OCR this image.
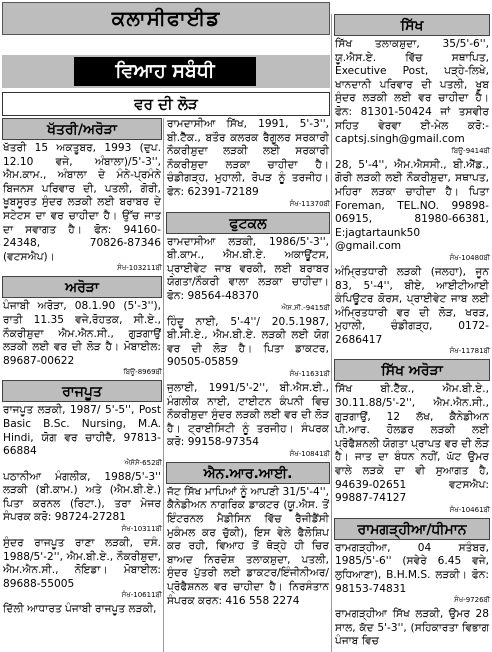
ਕਲਾਸੀਫਾਈਡ
ਵਿਆਹ ਸਬੰਧੀ
ਵਰ ਦੀ ਲੋੜ
ਖੱਤਰੀ/ਅਰੋੜਾ

ਖੱਤਰੀ 15 ਅਕਤੂਬਰ, 1993 (ਦੁਪ. 12.10 ਵਜੇ, ਅੰਬਾਲਾ)/5'-3'', ਐਮ.ਕਾਮ., ਅੰਬਾਲਾ ਦੇ ਮੰਨੇ-ਪ੍ਰਮੰਨੇ ਬਿਜਨਸ ਪਰਿਵਾਰ ਦੀ, ਪਤਲੀ, ਗੋਰੀ, ਖੂਬਸੂਰਤ ਸੁੰਦਰ ਲੜਕੀ ਲਈ ਬਰਾਬਰ ਦੇ ਸਟੇਟਸ ਦਾ ਵਰ ਚਾਹੀਦਾ ਹੈ। ਉੱਚ ਜਾਤ ਦਾ ਸਵਾਗਤ ਹੈ। ਫੋਨ: 94160-24348, 70826-87346 (ਵਟਸਐਪ)।

ਸੰਖ-103211ਬੀ
ਅਰੋੜਾ

ਪੰਜਾਬੀ ਅਰੋੜਾ, 08.1.90 (5'-3''), ਰਾਤੀ 11.35 ਵਜੇ,ਰੋਹਤਕ, ਸੀ.ਏ., ਨੌਕਰੀਸ਼ੁਦਾ ਐਮ.ਐਨ.ਸੀ., ਗੁੜਗਾਉਂ ਲੜਕੀ ਲਈ ਵਰ ਦੀ ਲੋੜ ਹੈ। ਮੋਬਾਈਲ: 89687-00622

ਬਿਊ-8969ਬੀ
ਰਾਜਪੂਤ

ਰਾਜਪੂਤ ਲੜਕੀ, 1987/ 5'-5'', Post Basic B.Sc. Nursing, M.A. Hindi, ਯੋਗ ਵਰ ਚਾਹੀਦੈ, 97813-66884

ਐਸੋਸੋ-652ਬੀ

ਪਠਾਨੀਆ ਮੰਗਲੀਕ, 1988/5'-3'' ਲੜਕੀ (ਬੀ.ਕਾਮ.) ਅਤੇ (ਐਮ.ਬੀ.ਏ.) ਪਿਤਾ ਕਰਨਲ (ਰਿਟਾ.), ਤਰਾ ਮੇਜਰ ਸੰਪਰਕ ਕਰੋ: 98724-27281

ਸੰਖ-10311ਬੀ

ਸੁੰਦਰ ਰਾਜਪੂਤ ਰਾਣਾ ਲੜਕੀ, ਦਸੰ. 1988/5'-2'', ਐਮ.ਬੀ.ਏ., ਨੌਕਰੀਸ਼ੁਦਾ, ਐਮ.ਐਨ.ਸੀ., ਨੋਇਡਾ। ਮੋਬਾਈਲ: 89688-55005

ਸੰਖ-10611ਬੀ

ਦਿੱਲੀ ਆਧਾਰਤ ਪੰਜਾਬੀ ਰਾਜਪੂਤ ਲੜਕੀ,

ਰਾਮਦਾਸੀਆ ਸਿੱਖ, 1991, 5'-3'', ਬੀ.ਟੈੱਕ., ਬਤੌਰ ਕਲਰਕ ਰੈਗੂਲਰ ਸਰਕਾਰੀ ਨੌਕਰੀਸ਼ੁਦਾ ਲੜਕੀ ਲਈ ਸਰਕਾਰੀ ਨੌਕਰੀਸ਼ੁਦਾ ਲੜਕਾ ਚਾਹੀਦਾ ਹੈ। ਚੰਡੀਗੜ੍ਹ, ਮੁਹਾਲੀ, ਰੋਪੜ ਨੂੰ ਤਰਜੀਹ। ਫੋਨ: 62391-72189

ਸੰਖ-11370ਬੀ
ਫੁਟਕਲ

ਰਾਮਦਾਸੀਆ ਲੜਕੀ, 1986/5'-3'', ਬੀ.ਕਾਮ., ਐਮ.ਬੀ.ਏ. ਅਕਾਊਂਟਸ, ਪ੍ਰਾਈਵੇਟ ਜਾਬ ਵਰਕੀ, ਲਈ ਬਰਾਬਰ ਯੋਗਤਾ/ਨੌਕਰੀ ਵਾਲਾ ਲੜਕਾ ਚਾਹੀਦਾ। ਫੋਨ: 98564-48370

ਐਸ.ਸੀ.-9415ਬੀ

ਹਿੰਦੂ ਨਾਈ, 5'-4''/ 20.5.1987, ਬੀ.ਸੀ.ਏ., ਐਮ.ਬੀ.ਏ. ਲੜਕੀ ਲਈ ਯੋਗ ਵਰ ਦੀ ਲੋੜ ਹੈ। ਪਿਤਾ ਡਾਕਟਰ, 90505-05859

ਸੰਖ-11631ਬੀ

ਜੁਲਾਈ, 1991/5'-2'', ਬੀ.ਐਸ.ਈ., ਮੰਗਲੀਕ ਨਾਈ, ਟਾਈਟਨ ਕੰਪਨੀ ਵਿਚ ਨੌਕਰੀਸ਼ੁਦਾ ਸੁੰਦਰ ਲੜਕੀ ਲਈ ਵਰ ਦੀ ਲੋੜ ਹੈ। ਟ੍ਰਾਈਸਿਟੀ ਨੂੰ ਤਰਜੀਹ। ਸੰਪਰਕ ਕਰੋ: 99158-97354

ਸੰਖ-10841ਬੀ
ਐਨ.ਆਰ.ਆਈ.

ਜੱਟ ਸਿੱਖ ਮਾਪਿਆਂ ਨੂੰ ਆਪਣੀ 31/5'-4'', ਕੈਨੇਡੀਅਨ ਨਾਗਰਿਕ ਡਾਕਟਰ (ਯੂ.ਐਸ. ਤੋਂ ਇੰਟਰਨਲ ਮੈਡੀਸਿਨ ਵਿੱਚ ਰੈਜੀਡੈਂਸੀ ਮੁਕੰਮਲ ਕਰ ਚੁੱਕੀ), ਇਸ ਵੇਲੇ ਫੈਲੋਸ਼ਿਪ ਕਰ ਰਹੀ, ਵਿਆਹ ਤੋਂ ਥੋੜ੍ਹੇ ਹੀ ਚਿਰ ਬਾਅਦ ਨਿਰਦੋਸ਼ ਤਲਾਕਸ਼ੁਦਾ, ਪਤਲੀ, ਸੁੰਦਰ ਪੁੱਤਰੀ ਲਈ ਡਾਕਟਰ/ਇੰਜੀਨੀਅਰ/ਪ੍ਰੋਫੈਸ਼ਨਲ ਵਰ ਚਾਹੀਦਾ ਹੈ। ਨਿਰਸੰਤਾਨ ਸੰਪਰਕ ਕਰਨ: 416 558 2274

ਸਿੱਖ

ਸਿੱਖ ਤਲਾਕਸ਼ੁਦਾ, 35/5'-6'', ਯੂ.ਐਸ.ਏ. ਵਿੱਚ ਸਥਾਪਿਤ, Executive Post, ਪੜ੍ਹੇ-ਲਿਖੇ, ਖਾਨਦਾਨੀ ਪਰਿਵਾਰ ਦੀ ਪਤਲੀ, ਖੂਬ ਸੁੰਦਰ ਲੜਕੀ ਲਈ ਵਰ ਚਾਹੀਦਾ ਹੈ। ਫੋਨ: 81301-50424 ਜਾਂ ਤਸਵੀਰ ਸਹਿਤ ਵੇਰਵਾ ਈ-ਮੇਲ ਕਰੋ:- captsj.singh@gmail.com

ਬਿਊ-9414ਬੀ

28, 5'-4'', ਐਮ.ਐਸਸੀ., ਬੀ.ਐੱਡ., ਗੋਰੀ ਲੜਕੀ ਲਈ ਨੌਕਰੀਸ਼ੁਦਾ, ਸਥਾਪਤ, ਮਹਿਰਾ ਲੜਕਾ ਚਾਹੀਦਾ ਹੈ। ਪਿਤਾ Foreman, TEL.NO. 99898-06915, 81980-66381, E:jagtartaunk50 @gmail.com

ਸੰਖ-10480ਬੀ

ਅੰਮ੍ਰਿਤਧਾਰੀ ਲੜਕੀ (ਜਲਹਾ), ਜੂਨ 83, 5'-4'', ਬੀਏ, ਆਈਟੀਆਈ ਕੰਪਿਊਟਰ ਕੋਰਸ, ਪ੍ਰਾਈਵੇਟ ਜਾਬ ਲਈ ਅੰਮ੍ਰਿਤਧਾਰੀ ਵਰ ਦੀ ਲੋੜ, ਖਰੜ, ਮੁਹਾਲੀ, ਚੰਡੀਗੜ੍ਹ, 0172-2686417

ਸੰਖ-11781ਬੀ
ਸਿੱਖ ਅਰੋੜਾ

ਸਿੱਖ ਬੀ.ਟੈੱਕ., ਐਮ.ਬੀ.ਏ., 30.11.88/5'-2'', ਐਮ.ਐਨ.ਸੀ., ਗੁੜਗਾਉਂ, 12 ਲੱਖ, ਕੈਨੇਡੀਅਨ ਪੀ.ਆਰ. ਹੋਲਡਰ ਲੜਕੀ ਲਈ ਪ੍ਰੋਫੈਸ਼ਨਲੀ ਯੋਗਤਾ ਪ੍ਰਾਪਤ ਵਰ ਦੀ ਲੋੜ ਹੈ। ਜਾਤ ਦਾ ਬੰਧਨ ਨਹੀਂ, ਘੱਟ ਉਮਰ ਵਾਲੇ ਲੜਕੇ ਦਾ ਵੀ ਸੁਆਗਤ ਹੈ, 94639-02651 ਵਟਸਐਪ: 99887-74127

ਸੰਖ-10461ਬੀ
ਰਾਮਗੜ੍ਹੀਆ/ਧੀਮਾਨ

ਰਾਮਗੜ੍ਹੀਆ, 04 ਸਤੰਬਰ, 1985/5'-6'' (ਸਵੇਰੇ 6.45 ਵਜੇ, ਲੁਧਿਆਣਾ), B.H.M.S. ਲੜਕੀ। ਫੋਨ: 98153-74831

ਸੰਖ-9726ਬੀ

ਰਾਮਗੜ੍ਹੀਆ ਸਿੱਖ ਲੜਕੀ, ਉਮਰ 28 ਸਾਲ, ਕੱਦ 5'-3'', (ਸਹਿਕਾਰਤਾ ਵਿਭਾਗ ਪੰਜਾਬ ਵਿਚ
